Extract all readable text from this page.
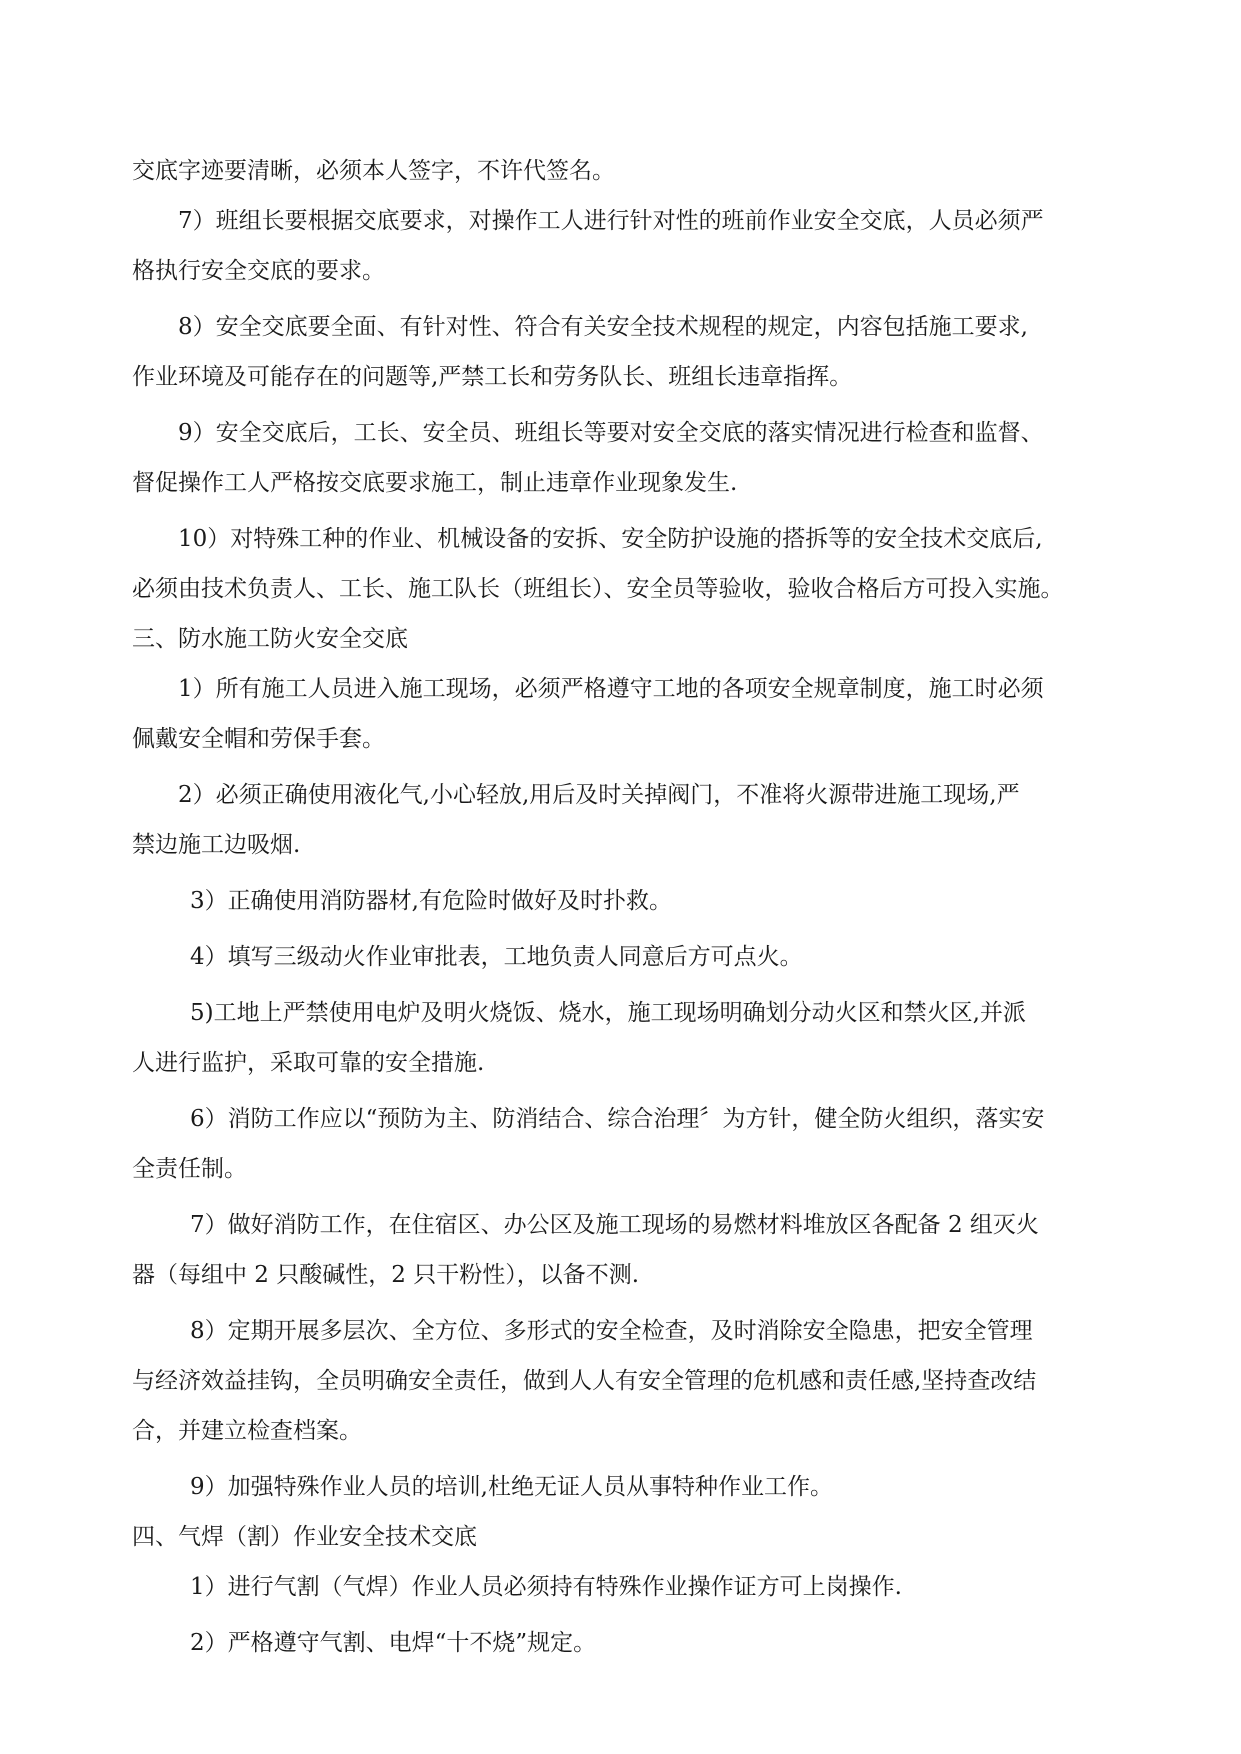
交底字迹要清晰，必须本人签字，不许代签名。

7）班组长要根据交底要求，对操作工人进行针对性的班前作业安全交底，人员必须严

格执行安全交底的要求。

8）安全交底要全面、有针对性、符合有关安全技术规程的规定，内容包括施工要求,

作业环境及可能存在的问题等,严禁工长和劳务队长、班组长违章指挥。

9）安全交底后，工长、安全员、班组长等要对安全交底的落实情况进行检查和监督、

督促操作工人严格按交底要求施工，制止违章作业现象发生.

10）对特殊工种的作业、机械设备的安拆、安全防护设施的搭拆等的安全技术交底后,

必须由技术负责人、工长、施工队长（班组长）、安全员等验收，验收合格后方可投入实施。

三、防水施工防火安全交底

1）所有施工人员进入施工现场，必须严格遵守工地的各项安全规章制度，施工时必须

佩戴安全帽和劳保手套。

2）必须正确使用液化气,小心轻放,用后及时关掉阀门，不准将火源带进施工现场,严

禁边施工边吸烟.

3）正确使用消防器材,有危险时做好及时扑救。

4）填写三级动火作业审批表，工地负责人同意后方可点火。

5)工地上严禁使用电炉及明火烧饭、烧水，施工现场明确划分动火区和禁火区,并派

人进行监护，采取可靠的安全措施.

6）消防工作应以“预防为主、防消结合、综合治理〞为方针，健全防火组织，落实安

全责任制。

7）做好消防工作，在住宿区、办公区及施工现场的易燃材料堆放区各配备 2 组灭火

器（每组中 2 只酸碱性，2 只干粉性），以备不测.

8）定期开展多层次、全方位、多形式的安全检查，及时消除安全隐患，把安全管理

与经济效益挂钩，全员明确安全责任，做到人人有安全管理的危机感和责任感,坚持查改结

合，并建立检查档案。

9）加强特殊作业人员的培训,杜绝无证人员从事特种作业工作。

四、气焊（割）作业安全技术交底

1）进行气割（气焊）作业人员必须持有特殊作业操作证方可上岗操作.

2）严格遵守气割、电焊“十不烧”规定。
